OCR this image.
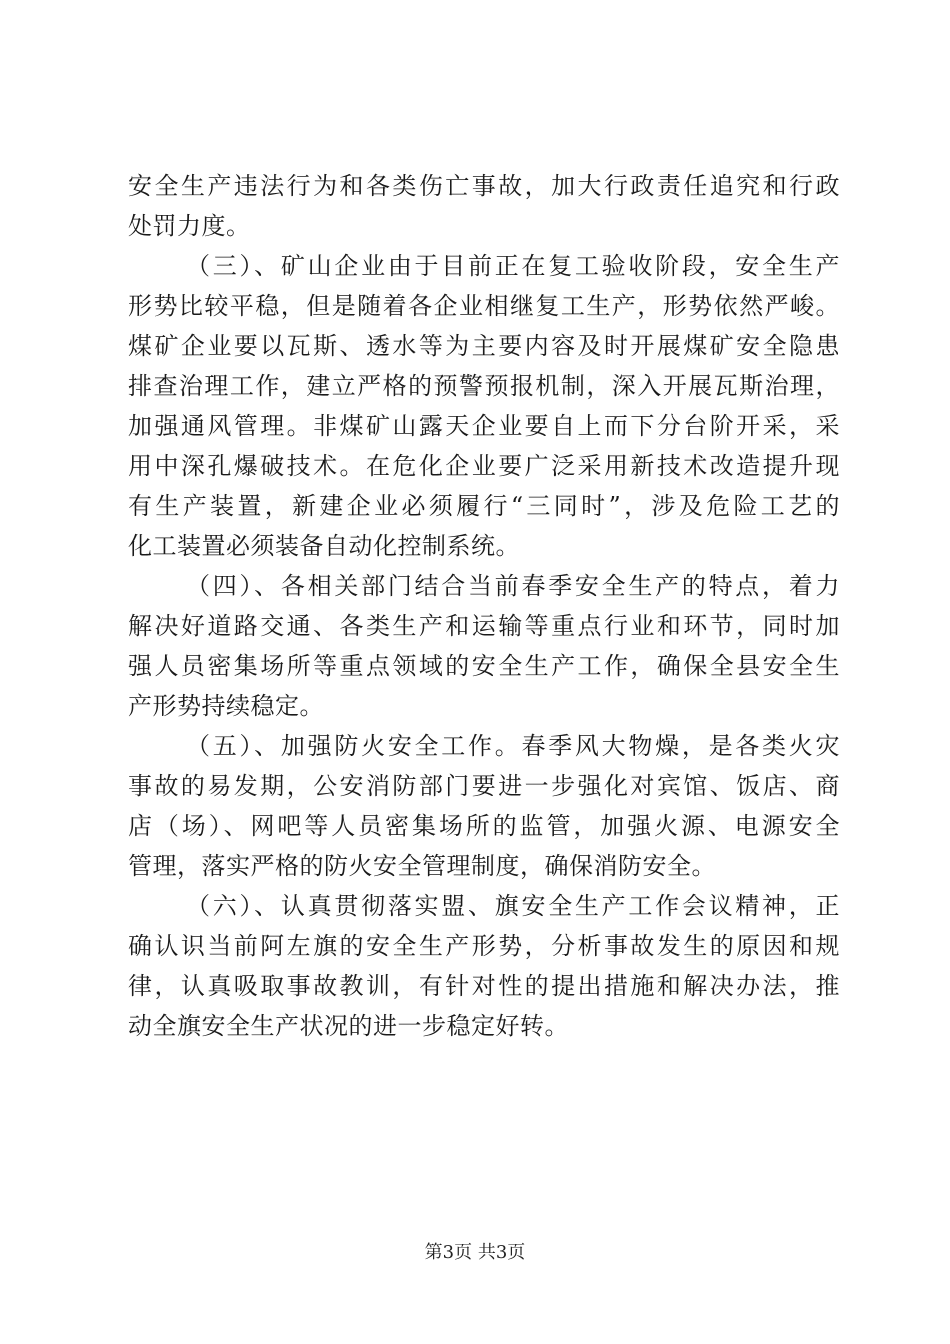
安全生产违法行为和各类伤亡事故，加大行政责任追究和行政
处罚力度。
（三）、矿山企业由于目前正在复工验收阶段，安全生产
形势比较平稳，但是随着各企业相继复工生产，形势依然严峻。
煤矿企业要以瓦斯、透水等为主要内容及时开展煤矿安全隐患
排查治理工作，建立严格的预警预报机制，深入开展瓦斯治理，
加强通风管理。非煤矿山露天企业要自上而下分台阶开采，采
用中深孔爆破技术。在危化企业要广泛采用新技术改造提升现
有生产装置，新建企业必须履行“三同时”，涉及危险工艺的
化工装置必须装备自动化控制系统。
（四）、各相关部门结合当前春季安全生产的特点，着力
解决好道路交通、各类生产和运输等重点行业和环节，同时加
强人员密集场所等重点领域的安全生产工作，确保全县安全生
产形势持续稳定。
（五）、加强防火安全工作。春季风大物燥，是各类火灾
事故的易发期，公安消防部门要进一步强化对宾馆、饭店、商
店（场）、网吧等人员密集场所的监管，加强火源、电源安全
管理，落实严格的防火安全管理制度，确保消防安全。
（六）、认真贯彻落实盟、旗安全生产工作会议精神，正
确认识当前阿左旗的安全生产形势，分析事故发生的原因和规
律，认真吸取事故教训，有针对性的提出措施和解决办法，推
动全旗安全生产状况的进一步稳定好转。
第3页 共3页
